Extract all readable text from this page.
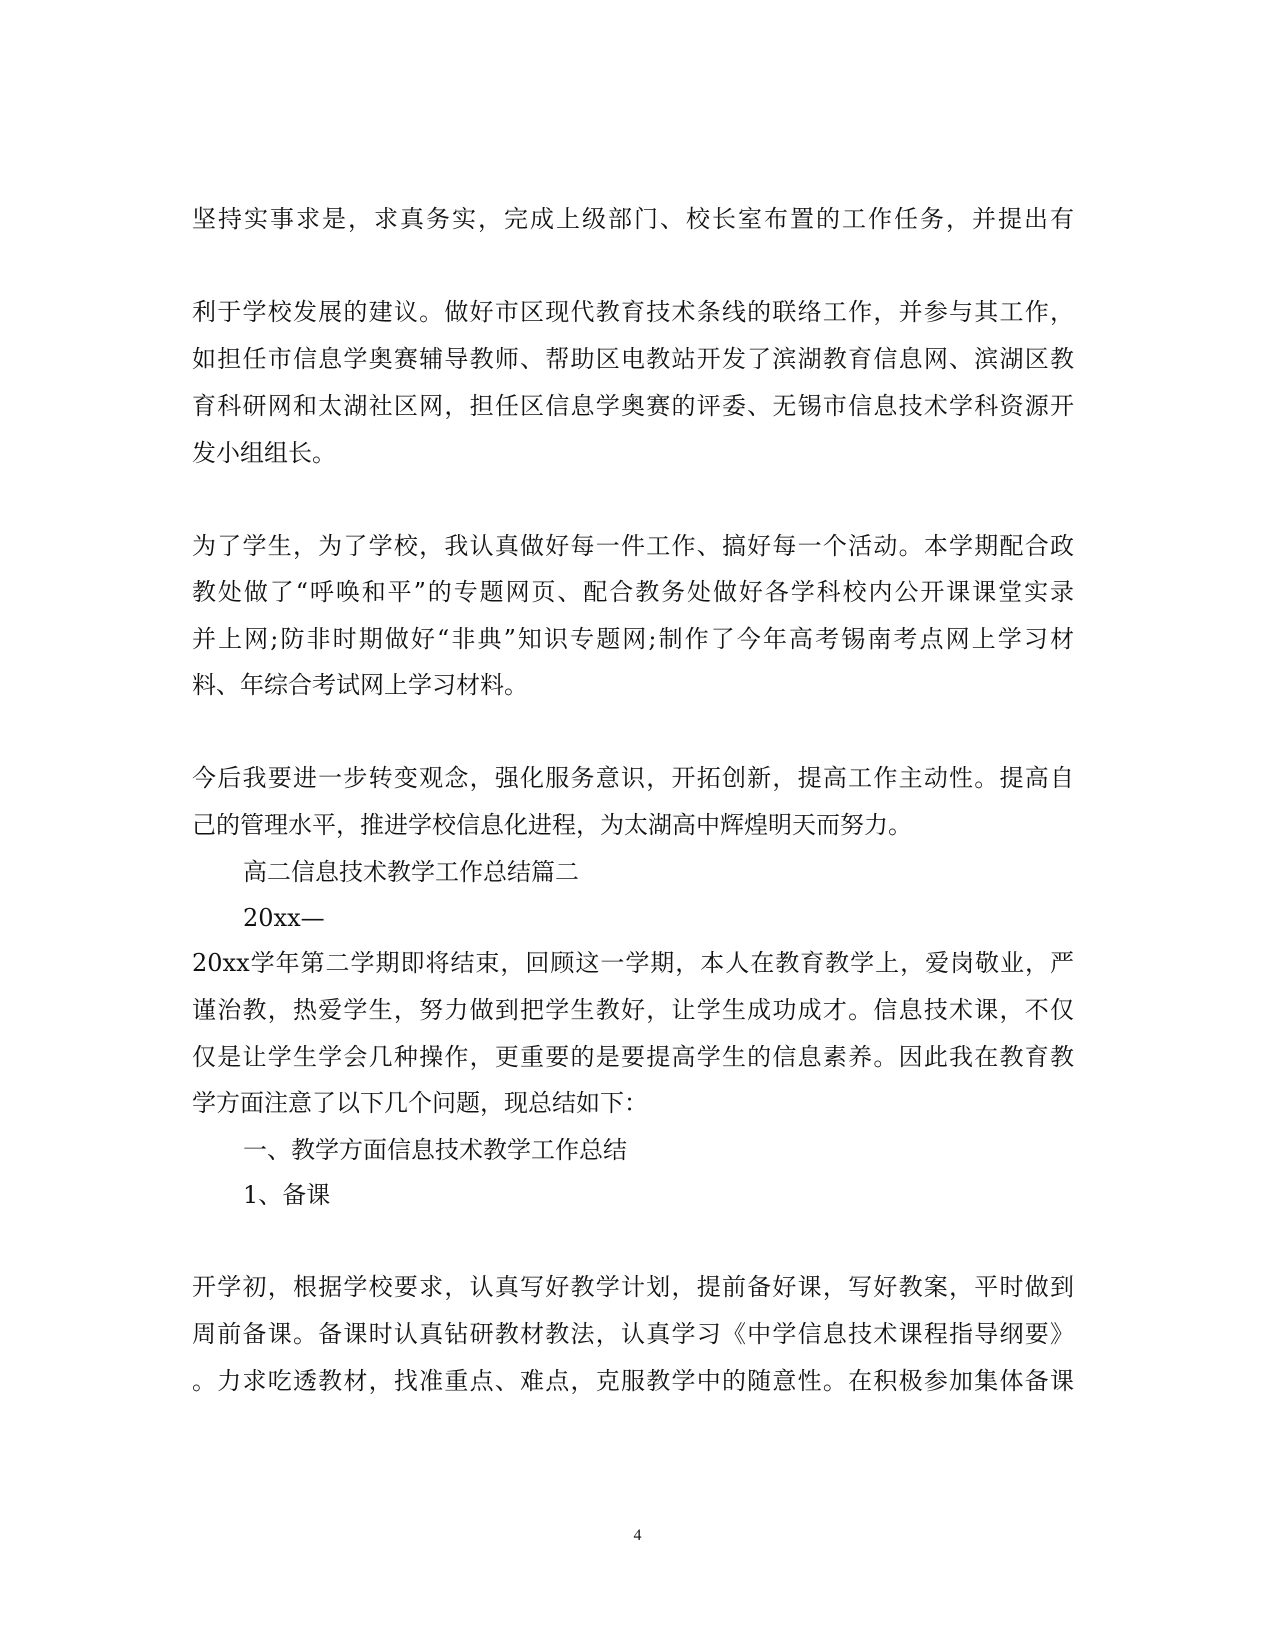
坚持实事求是，求真务实，完成上级部门、校长室布置的工作任务，并提出有

利于学校发展的建议。做好市区现代教育技术条线的联络工作，并参与其工作，

如担任市信息学奥赛辅导教师、帮助区电教站开发了滨湖教育信息网、滨湖区教

育科研网和太湖社区网，担任区信息学奥赛的评委、无锡市信息技术学科资源开

发小组组长。

为了学生，为了学校，我认真做好每一件工作、搞好每一个活动。本学期配合政

教处做了“呼唤和平”的专题网页、配合教务处做好各学科校内公开课课堂实录

并上网;防非时期做好“非典”知识专题网;制作了今年高考锡南考点网上学习材

料、年综合考试网上学习材料。

今后我要进一步转变观念，强化服务意识，开拓创新，提高工作主动性。提高自

己的管理水平，推进学校信息化进程，为太湖高中辉煌明天而努力。

高二信息技术教学工作总结篇二

20xx—

20xx学年第二学期即将结束，回顾这一学期，本人在教育教学上，爱岗敬业，严

谨治教，热爱学生，努力做到把学生教好，让学生成功成才。信息技术课，不仅

仅是让学生学会几种操作，更重要的是要提高学生的信息素养。因此我在教育教

学方面注意了以下几个问题，现总结如下：

一、教学方面信息技术教学工作总结

1、备课

开学初，根据学校要求，认真写好教学计划，提前备好课，写好教案，平时做到

周前备课。备课时认真钻研教材教法，认真学习《中学信息技术课程指导纲要》

。力求吃透教材，找准重点、难点，克服教学中的随意性。在积极参加集体备课

4
